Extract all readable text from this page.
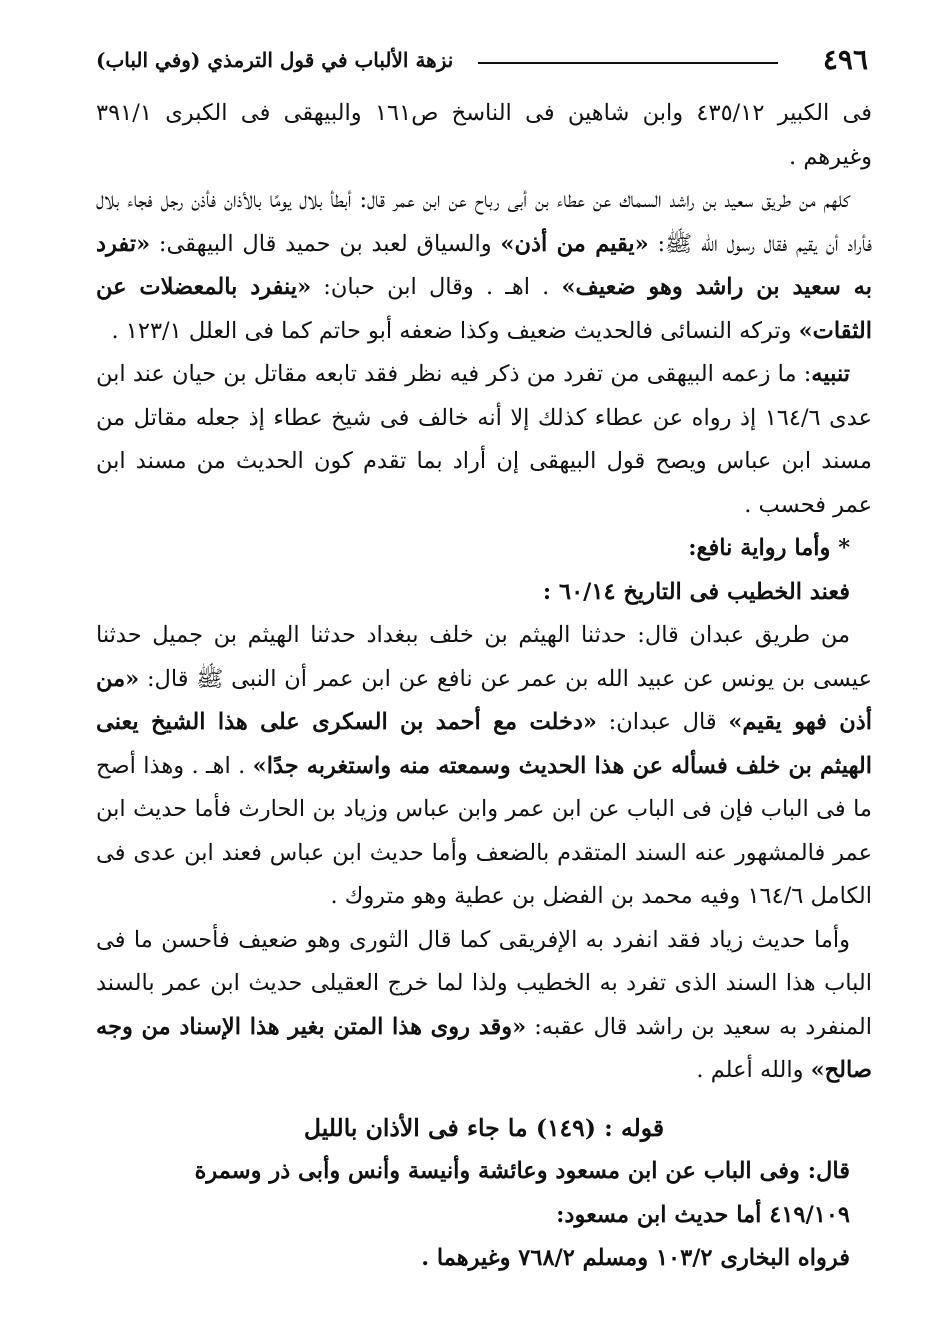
٤٩٦
نزهة الألباب في قول الترمذي (وفي الباب)

فى الكبير ٤٣٥/١٢ وابن شاهين فى الناسخ ص١٦١ والبيهقى فى الكبرى ٣٩١/١ وغيرهم .

كلهم من طريق سعيد بن راشد السماك عن عطاء بن أبى رباح عن ابن عمر قال: أبطأ بلال يومًا بالأذان فأذن رجل فجاء بلال فأراد أن يقيم فقال رسول الله ﷺ: «يقيم من أذن» والسياق لعبد بن حميد قال البيهقى: «تفرد به سعيد بن راشد وهو ضعيف» . اهـ . وقال ابن حبان: «ينفرد بالمعضلات عن الثقات» وتركه النسائى فالحديث ضعيف وكذا ضعفه أبو حاتم كما فى العلل ١٢٣/١ .

تنبيه: ما زعمه البيهقى من تفرد من ذكر فيه نظر فقد تابعه مقاتل بن حيان عند ابن عدى ١٦٤/٦ إذ رواه عن عطاء كذلك إلا أنه خالف فى شيخ عطاء إذ جعله مقاتل من مسند ابن عباس ويصح قول البيهقى إن أراد بما تقدم كون الحديث من مسند ابن عمر فحسب .

* وأما رواية نافع:

فعند الخطيب فى التاريخ ٦٠/١٤ :

من طريق عبدان قال: حدثنا الهيثم بن خلف ببغداد حدثنا الهيثم بن جميل حدثنا عيسى بن يونس عن عبيد الله بن عمر عن نافع عن ابن عمر أن النبى ﷺ قال: «من أذن فهو يقيم» قال عبدان: «دخلت مع أحمد بن السكرى على هذا الشيخ يعنى الهيثم بن خلف فسأله عن هذا الحديث وسمعته منه واستغربه جدًا» . اهـ . وهذا أصح ما فى الباب فإن فى الباب عن ابن عمر وابن عباس وزياد بن الحارث فأما حديث ابن عمر فالمشهور عنه السند المتقدم بالضعف وأما حديث ابن عباس فعند ابن عدى فى الكامل ١٦٤/٦ وفيه محمد بن الفضل بن عطية وهو متروك .

وأما حديث زياد فقد انفرد به الإفريقى كما قال الثورى وهو ضعيف فأحسن ما فى الباب هذا السند الذى تفرد به الخطيب ولذا لما خرج العقيلى حديث ابن عمر بالسند المنفرد به سعيد بن راشد قال عقبه: «وقد روى هذا المتن بغير هذا الإسناد من وجه صالح» والله أعلم .

قوله : (١٤٩) ما جاء فى الأذان بالليل

قال: وفى الباب عن ابن مسعود وعائشة وأنيسة وأنس وأبى ذر وسمرة

٤١٩/١٠٩ أما حديث ابن مسعود:

فرواه البخارى ١٠٣/٢ ومسلم ٧٦٨/٢ وغيرهما .
